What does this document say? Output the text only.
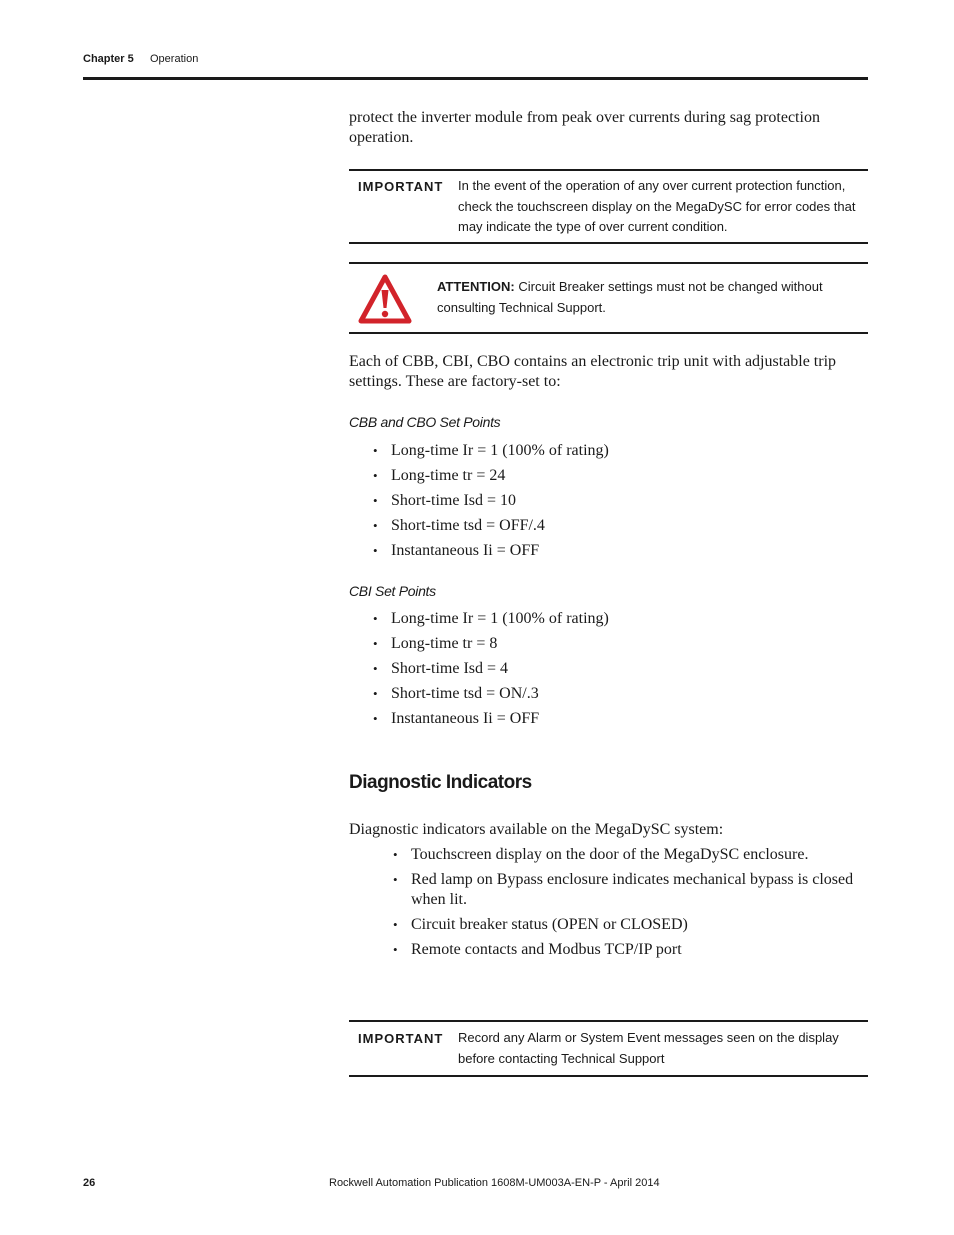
Chapter 5 Operation
protect the inverter module from peak over currents during sag protection operation.
IMPORTANT In the event of the operation of any over current protection function, check the touchscreen display on the MegaDySC for error codes that may indicate the type of over current condition.
ATTENTION: Circuit Breaker settings must not be changed without consulting Technical Support.
Each of CBB, CBI, CBO contains an electronic trip unit with adjustable trip settings. These are factory-set to:
CBB and CBO Set Points
• Long-time Ir = 1 (100% of rating)
• Long-time tr = 24
• Short-time Isd = 10
• Short-time tsd = OFF/.4
• Instantaneous Ii = OFF
CBI Set Points
• Long-time Ir = 1 (100% of rating)
• Long-time tr = 8
• Short-time Isd = 4
• Short-time tsd = ON/.3
• Instantaneous Ii = OFF
Diagnostic Indicators
Diagnostic indicators available on the MegaDySC system:
• Touchscreen display on the door of the MegaDySC enclosure.
• Red lamp on Bypass enclosure indicates mechanical bypass is closed when lit.
• Circuit breaker status (OPEN or CLOSED)
• Remote contacts and Modbus TCP/IP port
IMPORTANT Record any Alarm or System Event messages seen on the display before contacting Technical Support
26	Rockwell Automation Publication 1608M-UM003A-EN-P - April 2014
